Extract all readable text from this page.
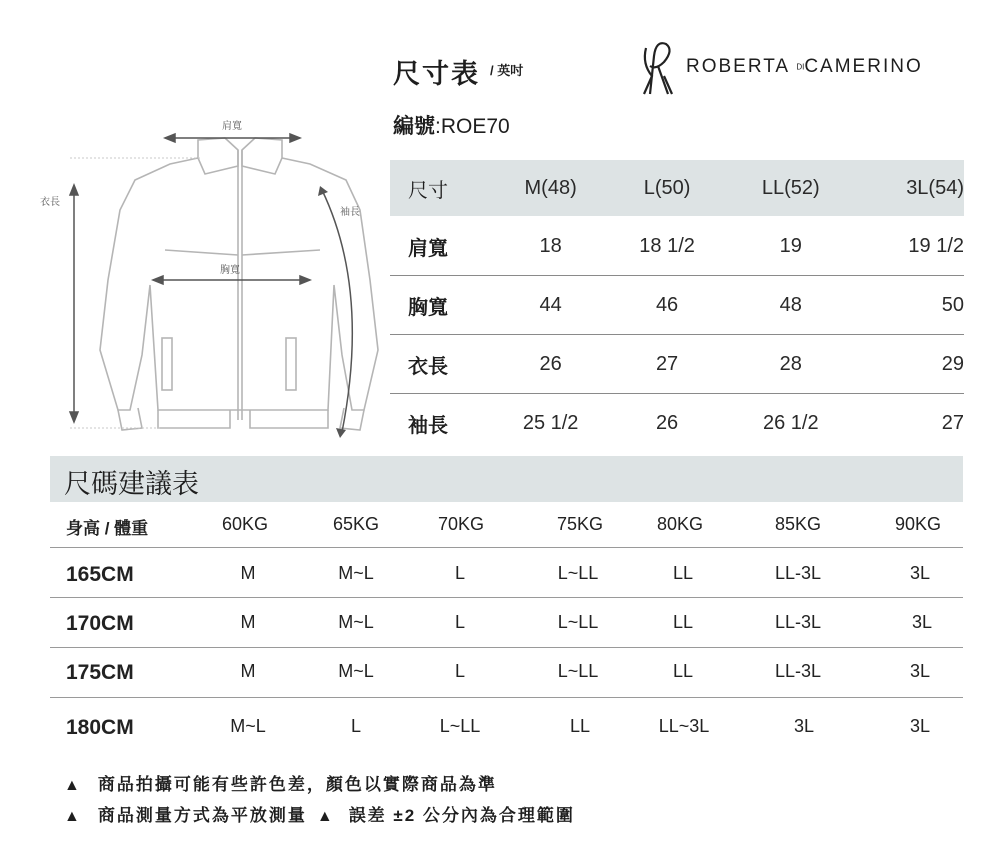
肩寬
胸寬
衣長
袖長
尺寸表 / 英吋
編號:ROE70
ROBERTA DICAMERINO
尺寸	M(48)	L(50)	LL(52)	3L(54)
肩寬	18	18 1/2	19	19 1/2
胸寬	44	46	48	50
衣長	26	27	28	29
袖長	25 1/2	26	26 1/2	27
尺碼建議表
身高 / 體重	60KG	65KG	70KG	75KG	80KG	85KG	90KG
165CM	M	M~L	L	L~LL	LL	LL-3L	3L
170CM	M	M~L	L	L~LL	LL	LL-3L	3L
175CM	M	M~L	L	L~LL	LL	LL-3L	3L
180CM	M~L	L	L~LL	LL	LL~3L	3L	3L
▲ 商品拍攝可能有些許色差，顏色以實際商品為準
▲ 商品測量方式為平放測量 ▲ 誤差 ±2 公分內為合理範圍
